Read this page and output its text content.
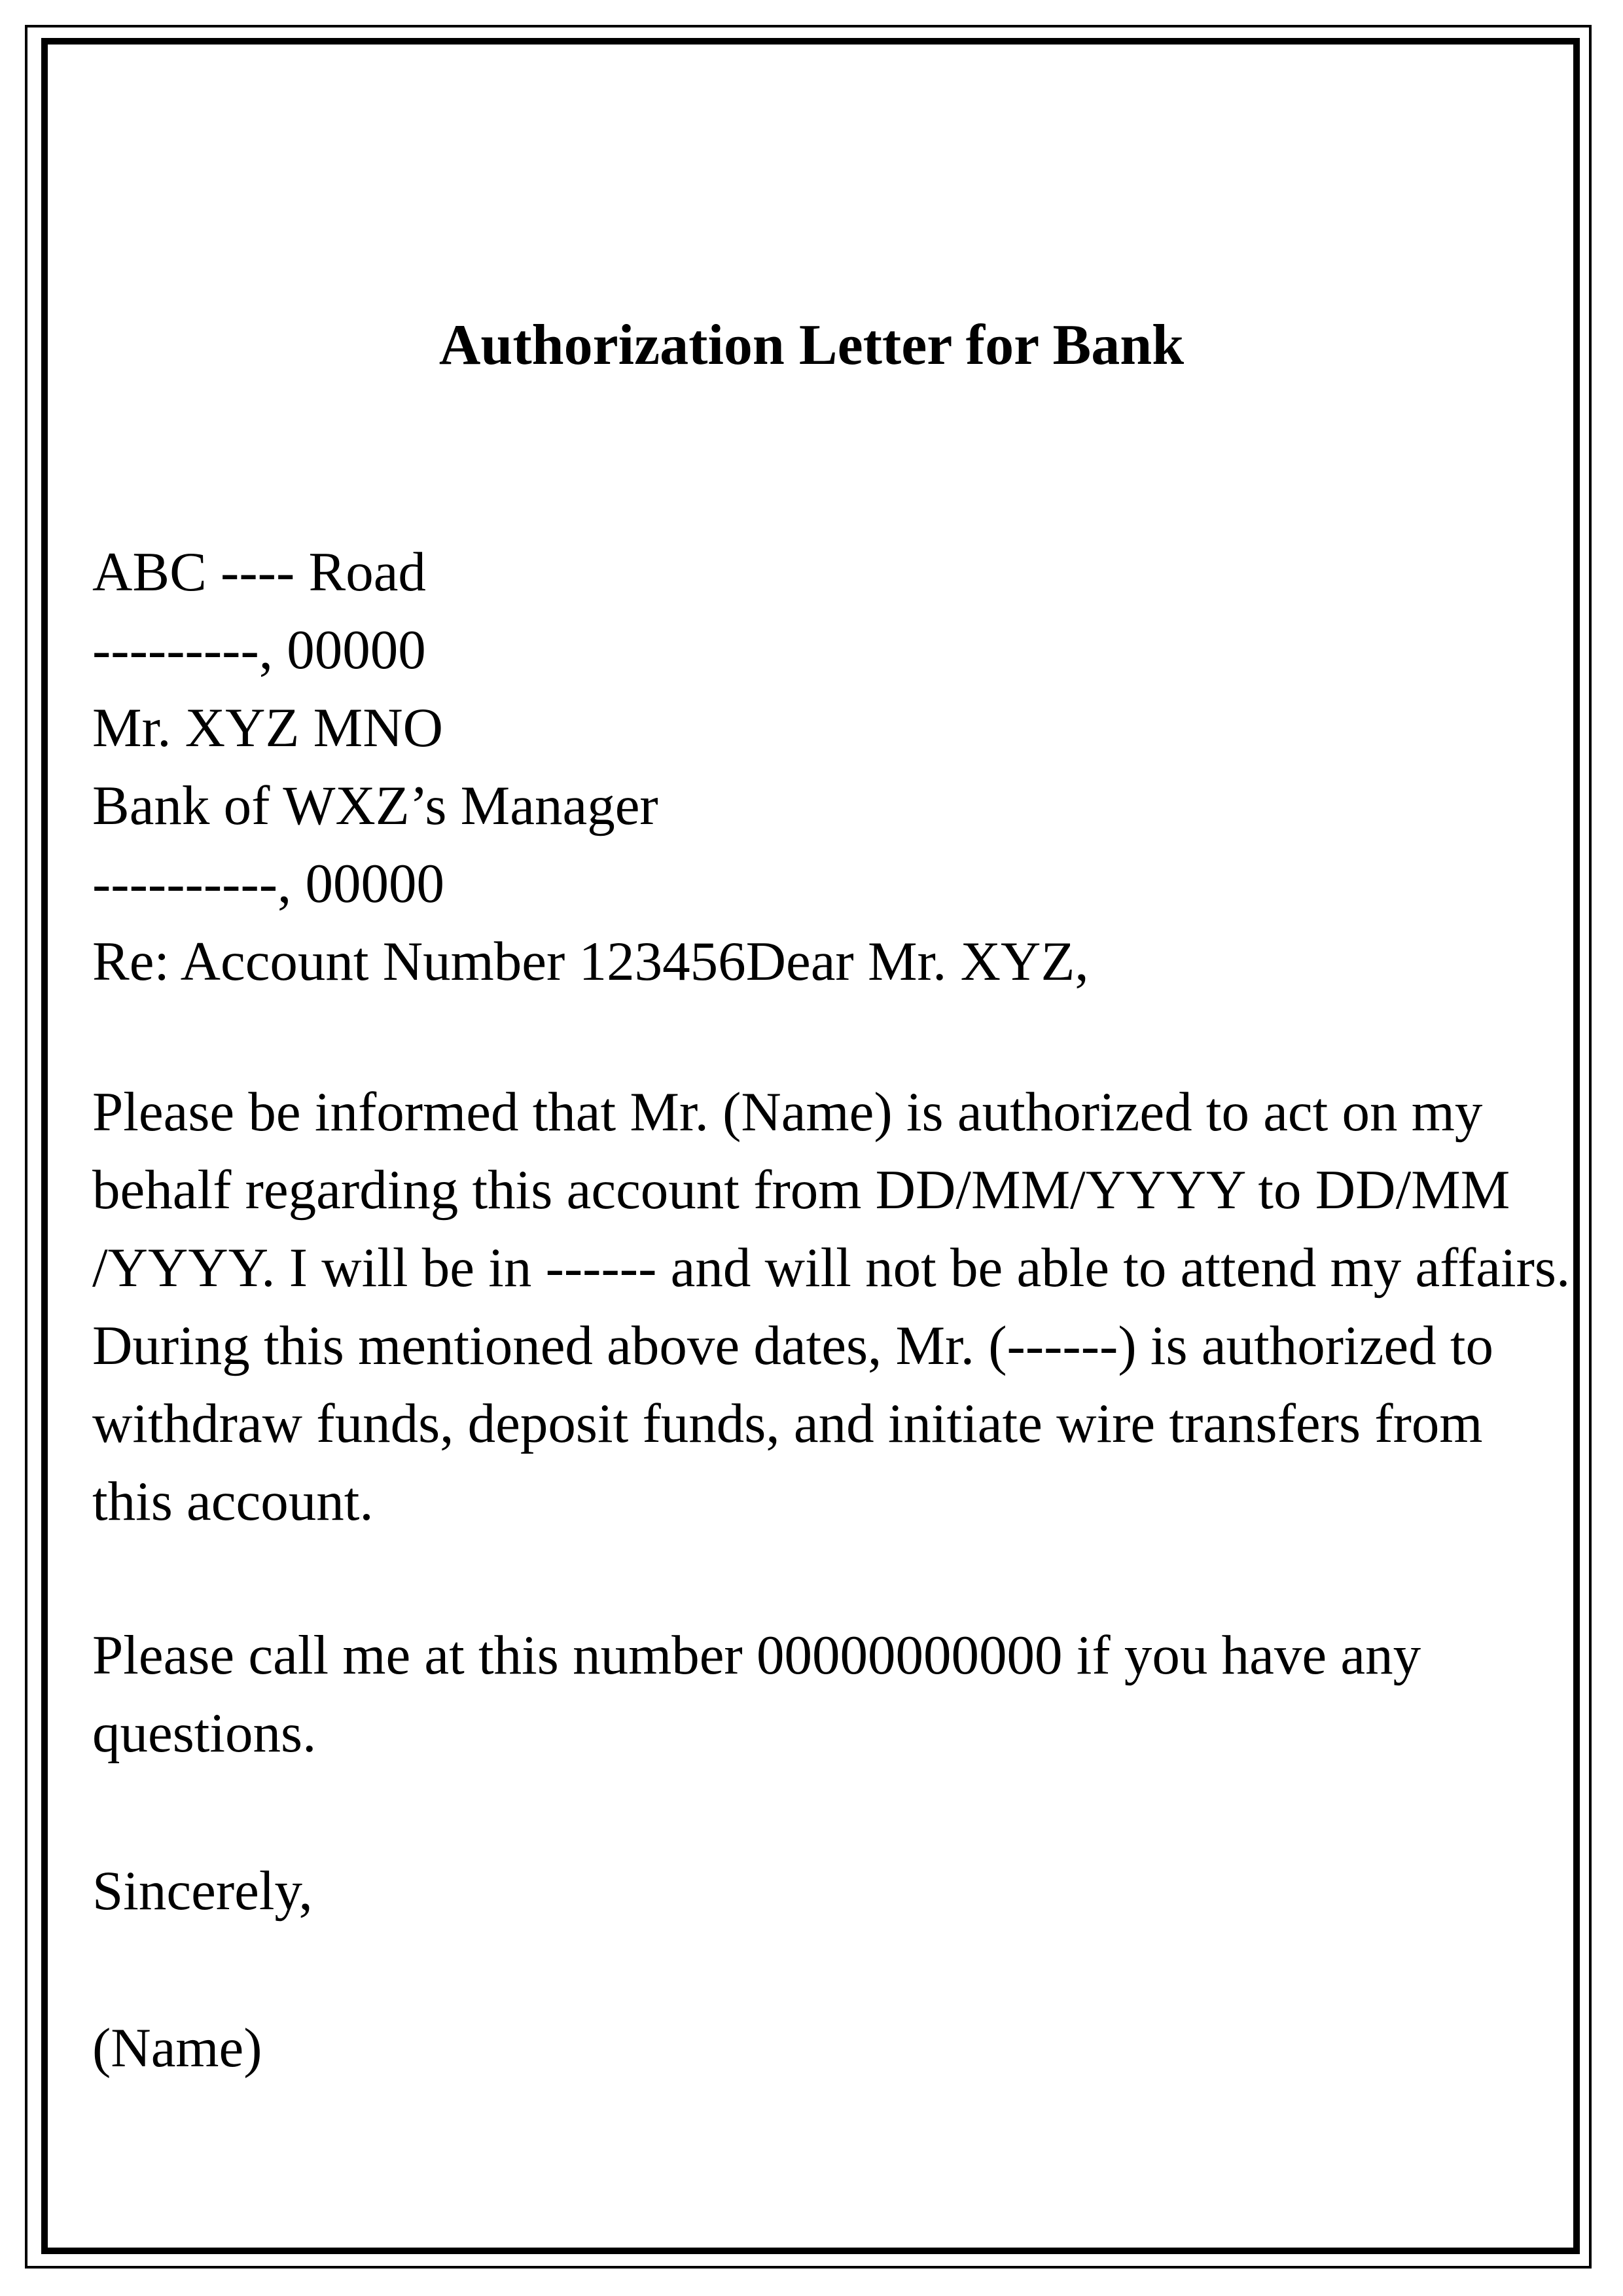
Authorization Letter for Bank
ABC ---- Road
---------, 00000
Mr. XYZ MNO
Bank of WXZ’s Manager
----------, 00000
Re: Account Number 123456Dear Mr. XYZ,
Please be informed that Mr. (Name) is authorized to act on my
behalf regarding this account from DD/MM/YYYY to DD/MM
/YYYY. I will be in ------ and will not be able to attend my affairs.
During this mentioned above dates, Mr. (------) is authorized to
withdraw funds, deposit funds, and initiate wire transfers from
this account.
Please call me at this number 00000000000 if you have any
questions.
Sincerely,
(Name)
